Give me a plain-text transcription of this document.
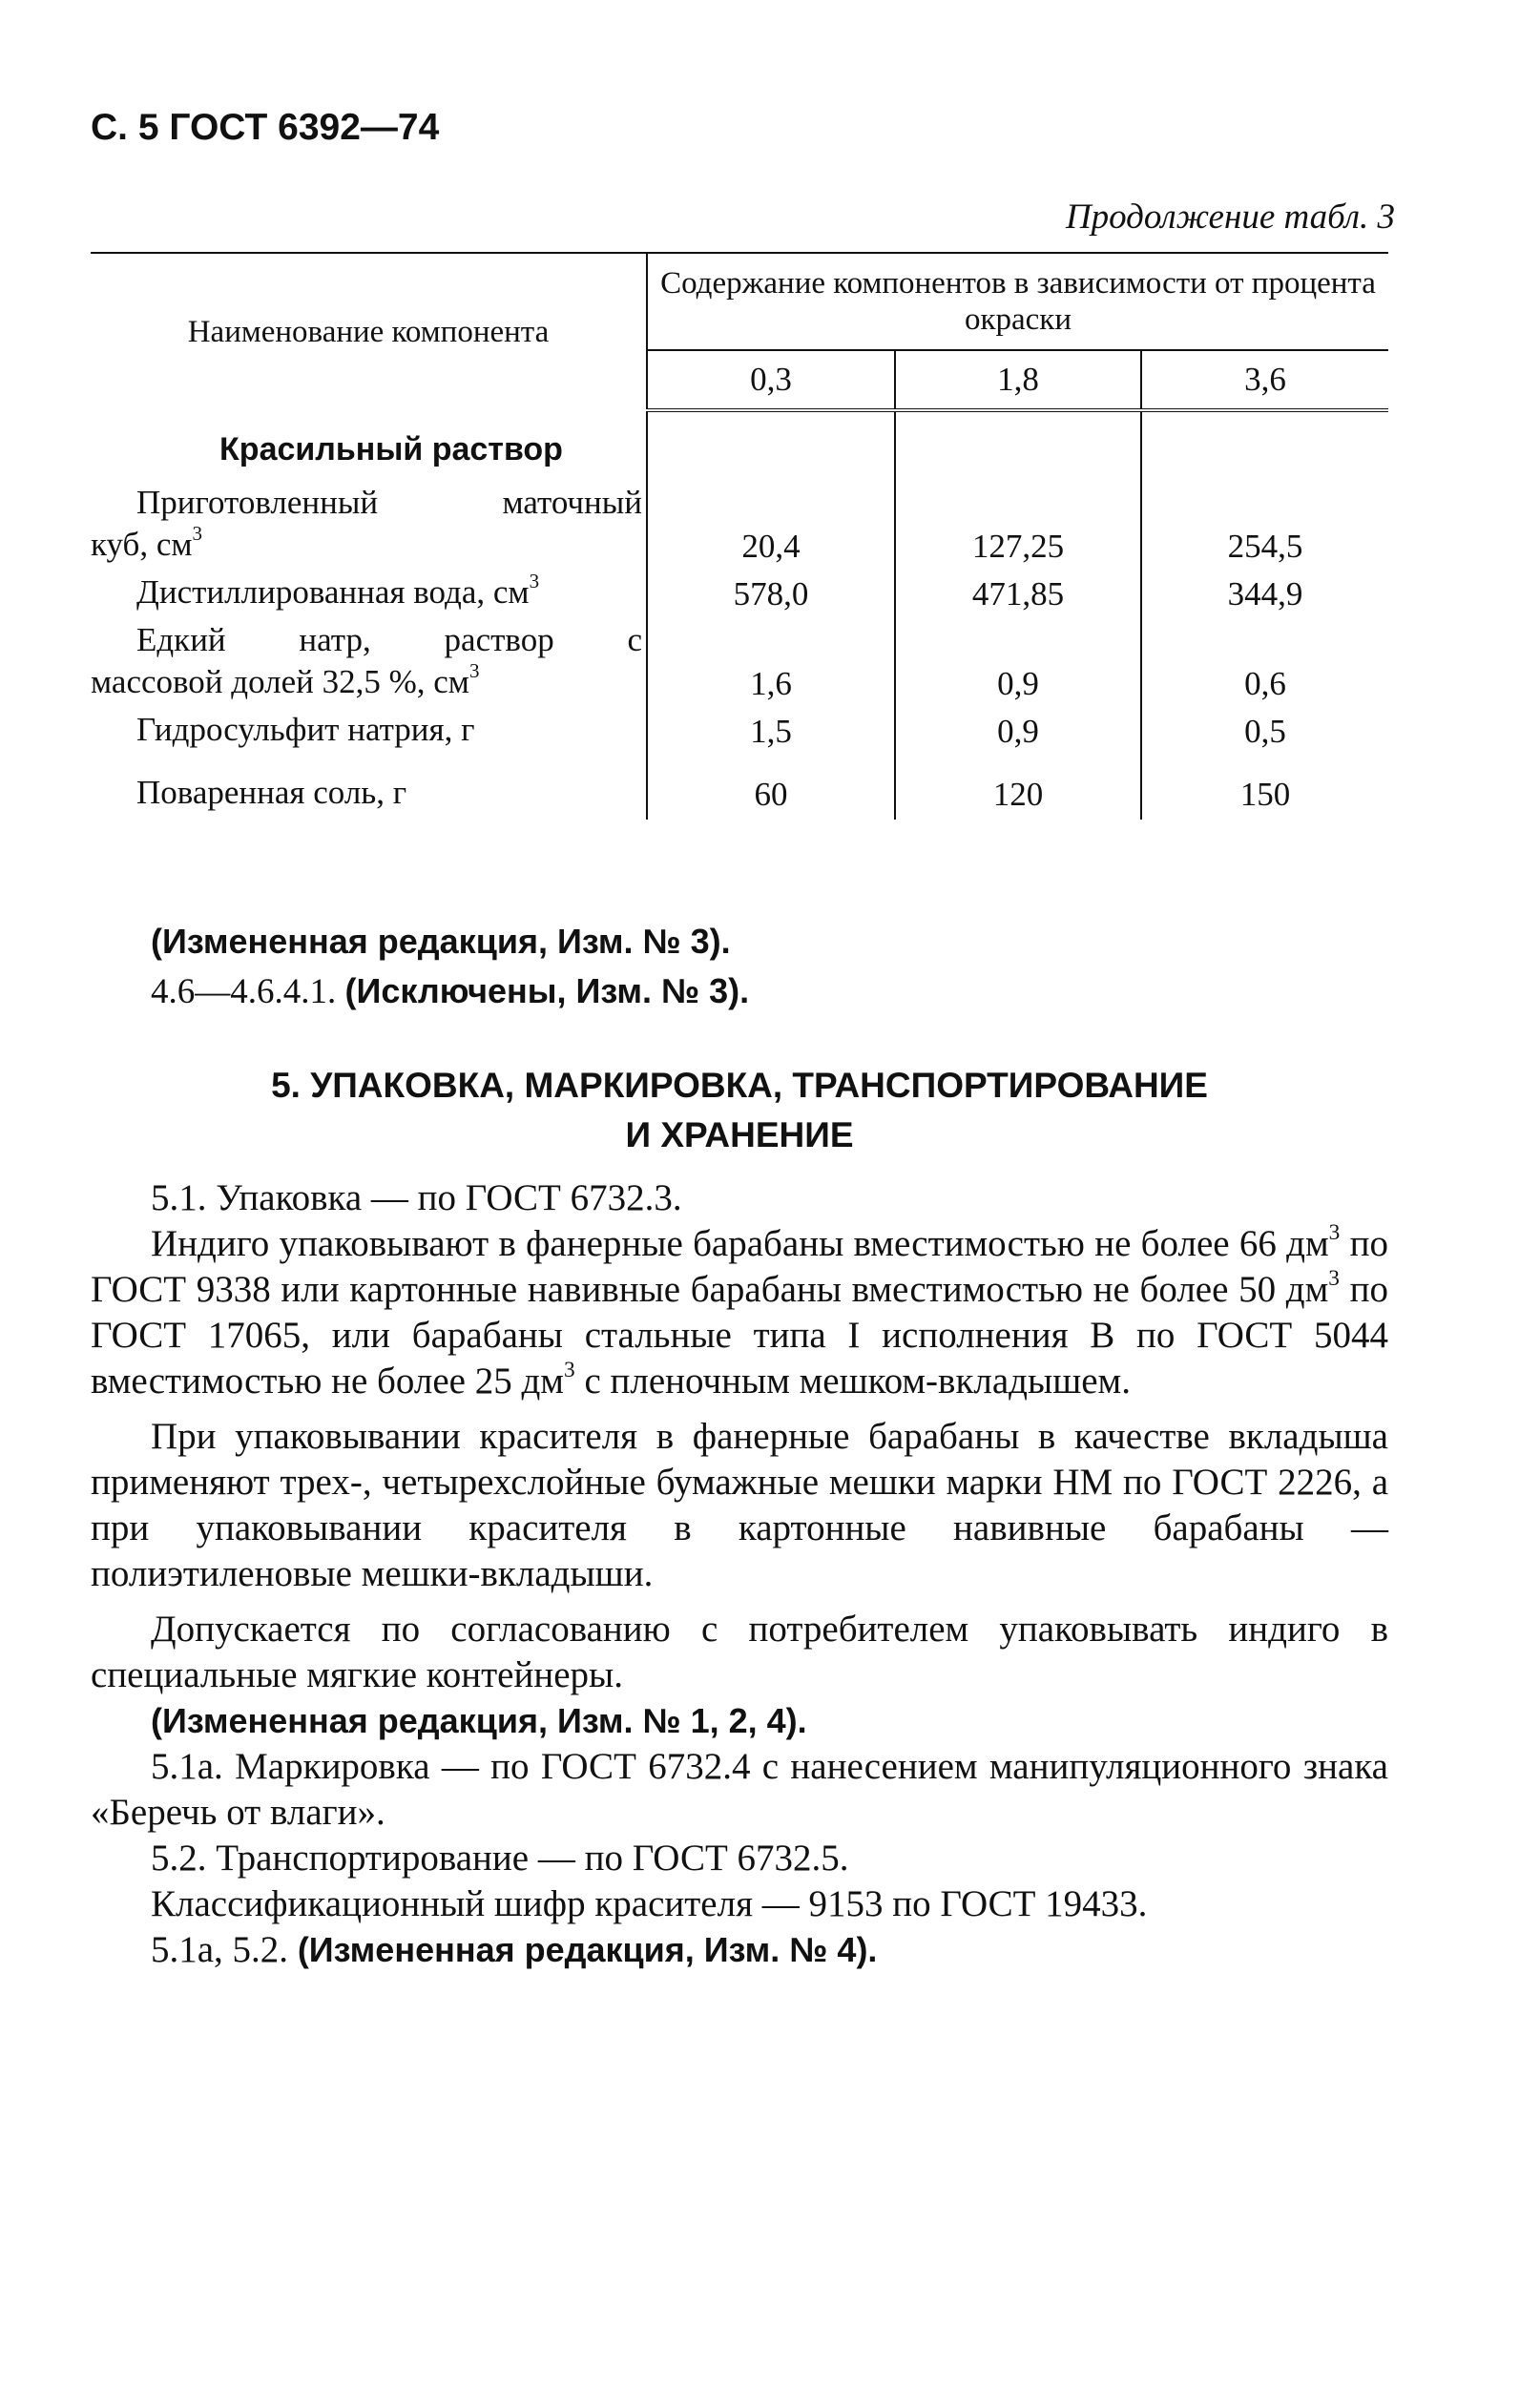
С. 5 ГОСТ 6392—74
Продолжение табл. 3
Наименование компонента	Содержание компонентов в зависимости от процента окраски		
	0,3	1,8	3,6
Красильный раствор			

Приготовленный маточный
куб, $см^3$	20,4	127,25	254,5
Дистиллированная вода, $см^3$	578,0	471,85	344,9

Едкий натр, раствор с
массовой долей 32,5 %, $см^3$	1,6	0,9	0,6
Гидросульфит натрия, г	1,5	0,9	0,5
Поваренная соль, г	60	120	150
(Измененная редакция, Изм. № 3).
4.6—4.6.4.1. (Исключены, Изм. № 3).
5. УПАКОВКА, МАРКИРОВКА, ТРАНСПОРТИРОВАНИЕ
И ХРАНЕНИЕ

5.1. Упаковка — по ГОСТ 6732.3.

Индиго упаковывают в фанерные барабаны вместимостью не более 66 $дм^3$ по ГОСТ 9338 или картонные навивные барабаны вместимостью не более 50 $дм^3$ по ГОСТ 17065, или барабаны стальные типа I исполнения В по ГОСТ 5044 вместимостью не более 25 $дм^3$ с пленочным мешком-вкладышем.

При упаковывании красителя в фанерные барабаны в качестве вкладыша применяют трех-, четырехслойные бумажные мешки марки НМ по ГОСТ 2226, а при упаковывании красителя в картонные навивные барабаны — полиэтиленовые мешки-вкладыши.

Допускается по согласованию с потребителем упаковывать индиго в специальные мягкие контейнеры.

(Измененная редакция, Изм. № 1, 2, 4).

5.1а. Маркировка — по ГОСТ 6732.4 с нанесением манипуляционного знака «Беречь от влаги».

5.2. Транспортирование — по ГОСТ 6732.5.

Классификационный шифр красителя — 9153 по ГОСТ 19433.

5.1а, 5.2. (Измененная редакция, Изм. № 4).
